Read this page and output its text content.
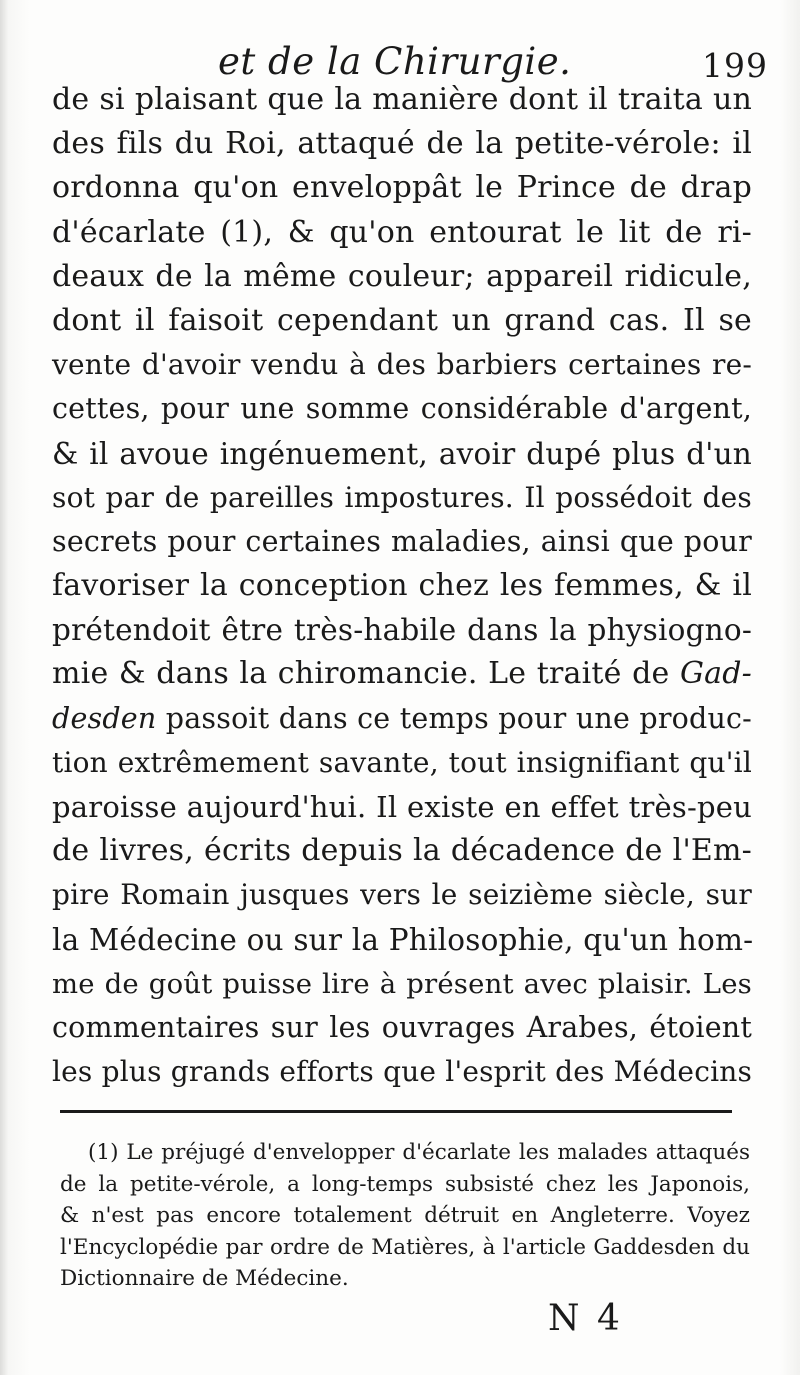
et de la Chirurgie.	199
de si plaisant que la manière dont il traita un
des fils du Roi, attaqué de la petite-vérole: il
ordonna qu'on enveloppât le Prince de drap
d'écarlate (1), & qu'on entourat le lit de ri-
deaux de la même couleur; appareil ridicule,
dont il faisoit cependant un grand cas. Il se
vente d'avoir vendu à des barbiers certaines re-
cettes, pour une somme considérable d'argent,
& il avoue ingénuement, avoir dupé plus d'un
sot par de pareilles impostures. Il possédoit des
secrets pour certaines maladies, ainsi que pour
favoriser la conception chez les femmes, & il
prétendoit être très-habile dans la physiogno-
mie & dans la chiromancie. Le traité de Gad-
desden passoit dans ce temps pour une produc-
tion extrêmement savante, tout insignifiant qu'il
paroisse aujourd'hui. Il existe en effet très-peu
de livres, écrits depuis la décadence de l'Em-
pire Romain jusques vers le seizième siècle, sur
la Médecine ou sur la Philosophie, qu'un hom-
me de goût puisse lire à présent avec plaisir. Les
commentaires sur les ouvrages Arabes, étoient
les plus grands efforts que l'esprit des Médecins
(1) Le préjugé d'envelopper d'écarlate les malades attaqués
de la petite-vérole, a long-temps subsisté chez les Japonois,
& n'est pas encore totalement détruit en Angleterre. Voyez
l'Encyclopédie par ordre de Matières, à l'article Gaddesden du
Dictionnaire de Médecine.
N 4
